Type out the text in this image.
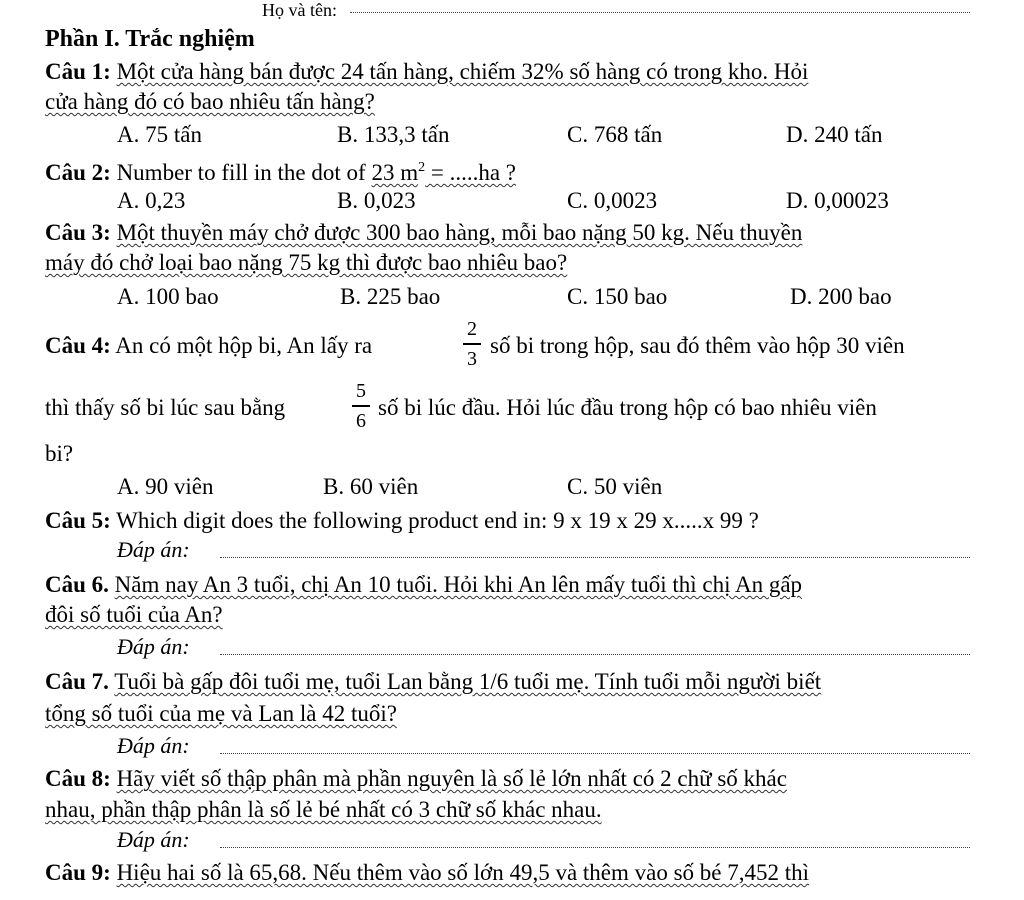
Họ và tên:
Phần I. Trắc nghiệm
Câu 1: Một cửa hàng bán được 24 tấn hàng, chiếm 32% số hàng có trong kho. Hỏi
cửa hàng đó có bao nhiêu tấn hàng?
A. 75 tấn	B. 133,3 tấn	C. 768 tấn	D. 240 tấn
Câu 2: Number to fill in the dot of 23 $m^2 = .....ha$ ?
A. 0,23	B. 0,023	C. 0,0023	D. 0,00023
Câu 3: Một thuyền máy chở được 300 bao hàng, mỗi bao nặng 50 kg. Nếu thuyền
máy đó chở loại bao nặng 75 kg thì được bao nhiêu bao?
A. 100 bao	B. 225 bao	C. 150 bao	D. 200 bao
Câu 4: An có một hộp bi, An lấy ra
2
3
số bi trong hộp, sau đó thêm vào hộp 30 viên
thì thấy số bi lúc sau bằng
5
6
số bi lúc đầu. Hỏi lúc đầu trong hộp có bao nhiêu viên
bi?
A. 90 viên	B. 60 viên	C. 50 viên
Câu 5: Which digit does the following product end in: 9 x 19 x 29 x.....x 99 ?
Đáp án:
Câu 6. Năm nay An 3 tuổi, chị An 10 tuổi. Hỏi khi An lên mấy tuổi thì chị An gấp
đôi số tuổi của An?
Đáp án:
Câu 7. Tuổi bà gấp đôi tuổi mẹ, tuổi Lan bằng 1/6 tuổi mẹ. Tính tuổi mỗi người biết
tổng số tuổi của mẹ và Lan là 42 tuổi?
Đáp án:
Câu 8: Hãy viết số thập phân mà phần nguyên là số lẻ lớn nhất có 2 chữ số khác
nhau, phần thập phân là số lẻ bé nhất có 3 chữ số khác nhau.
Đáp án:
Câu 9: Hiệu hai số là 65,68. Nếu thêm vào số lớn 49,5 và thêm vào số bé 7,452 thì
